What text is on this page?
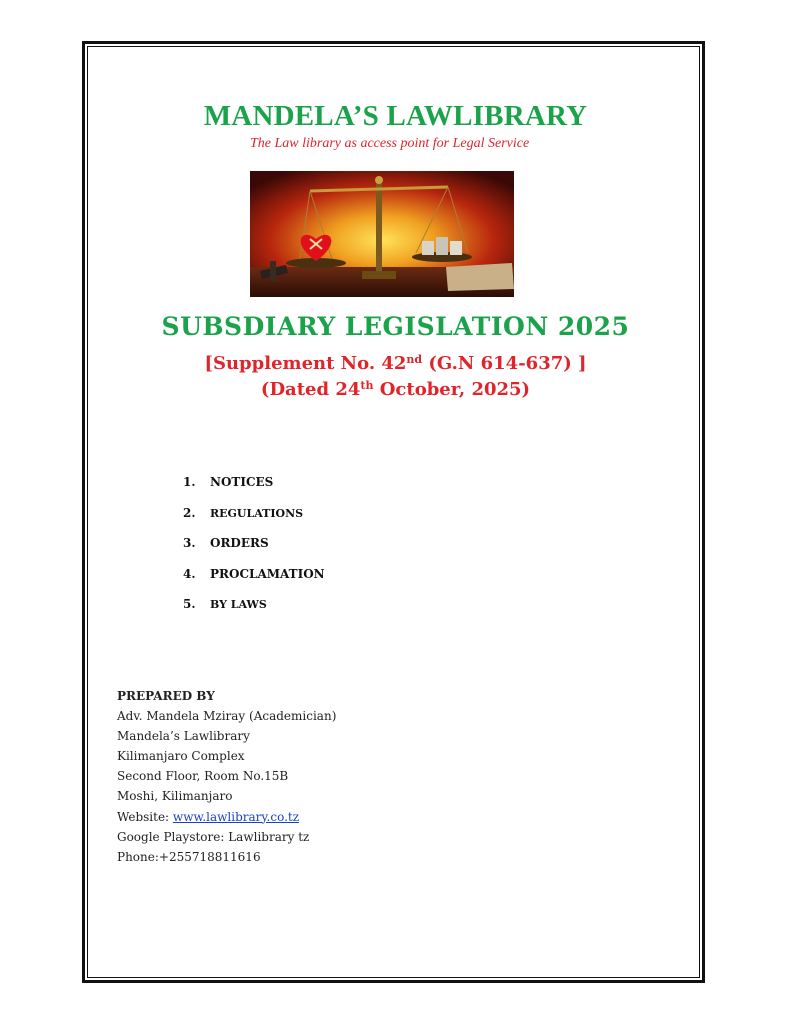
MANDELA’S LAWLIBRARY
The Law library as access point for Legal Service
SUBSDIARY LEGISLATION 2025
[Supplement No. 42nd (G.N 614-637) ]
(Dated 24th October, 2025)
1. NOTICES
2. REGULATIONS
3. ORDERS
4. PROCLAMATION
5. BY LAWS
PREPARED BY
Adv. Mandela Mziray (Academician)
Mandela’s Lawlibrary
Kilimanjaro Complex
Second Floor, Room No.15B
Moshi, Kilimanjaro
Website: www.lawlibrary.co.tz
Google Playstore: Lawlibrary tz
Phone:+255718811616
